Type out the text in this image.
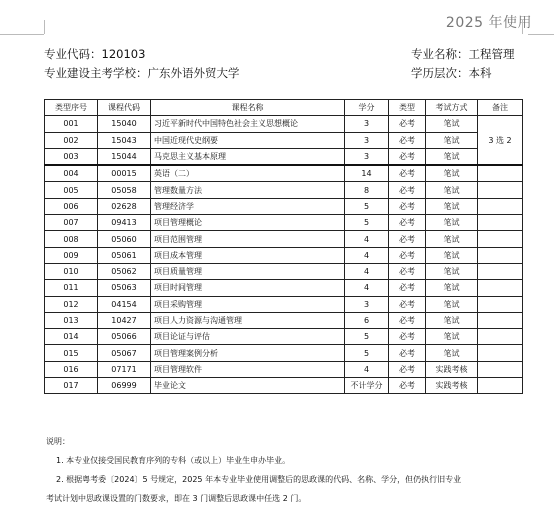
2025 年使用
专业代码：120103	专业名称：工程管理
专业建设主考学校：广东外语外贸大学	学历层次：本科
类型序号	课程代码	课程名称	学分	类型	考试方式	备注
001	15040	习近平新时代中国特色社会主义思想概论	3	必考	笔试	3 选 2
002	15043	中国近现代史纲要	3	必考	笔试	
003	15044	马克思主义基本原理	3	必考	笔试	
004	00015	英语（二）	14	必考	笔试	
005	05058	管理数量方法	8	必考	笔试	
006	02628	管理经济学	5	必考	笔试	
007	09413	项目管理概论	5	必考	笔试	
008	05060	项目范围管理	4	必考	笔试	
009	05061	项目成本管理	4	必考	笔试	
010	05062	项目质量管理	4	必考	笔试	
011	05063	项目时间管理	4	必考	笔试	
012	04154	项目采购管理	3	必考	笔试	
013	10427	项目人力资源与沟通管理	6	必考	笔试	
014	05066	项目论证与评估	5	必考	笔试	
015	05067	项目管理案例分析	5	必考	笔试	
016	07171	项目管理软件	4	必考	实践考核	
017	06999	毕业论文	不计学分	必考	实践考核	
说明：
1. 本专业仅接受国民教育序列的专科（或以上）毕业生申办毕业。
2. 根据粤考委〔2024〕5 号规定，2025 年本专业毕业使用调整后的思政课的代码、名称、学分，但仍执行旧专业
考试计划中思政课设置的门数要求，即在 3 门调整后思政课中任选 2 门。
